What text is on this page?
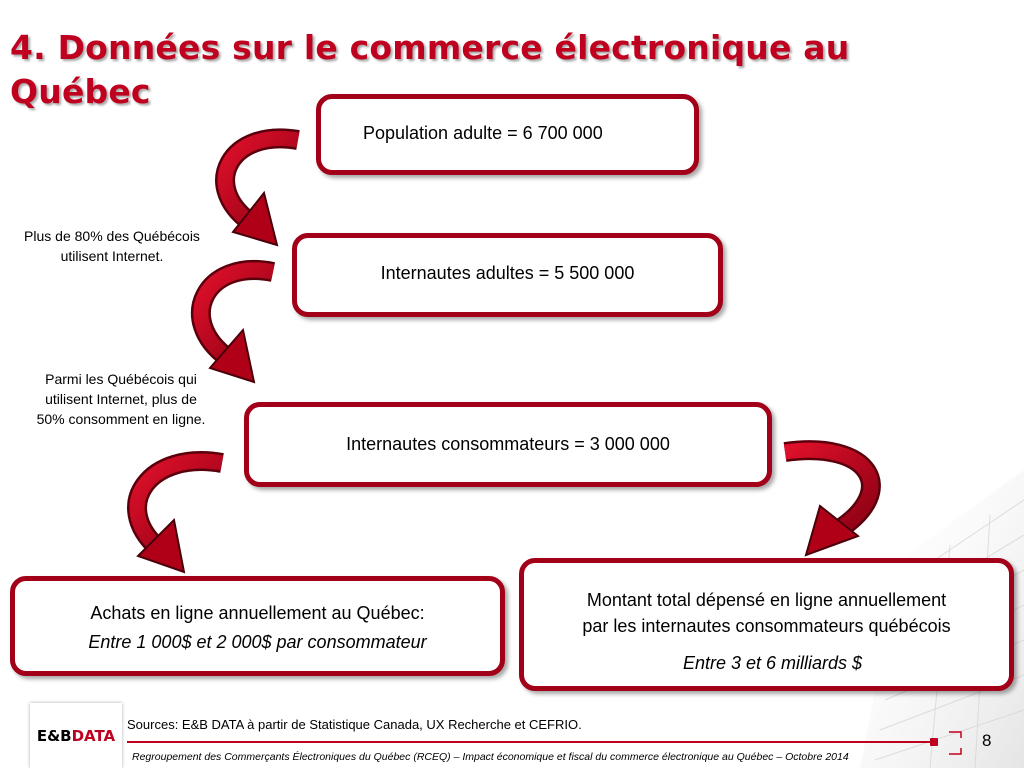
4. Données sur le commerce électronique au Québec
Population adulte = 6 700 000
Internautes adultes = 5 500 000
Internautes consommateurs = 3 000 000
Achats en ligne annuellement au Québec:
Entre 1 000$ et 2 000$ par consommateur
Montant total dépensé en ligne annuellement
par les internautes consommateurs québécois
Entre 3 et 6 milliards $
Plus de 80% des Québécois
utilisent Internet.
Parmi les Québécois qui
utilisent Internet, plus de
50% consomment en ligne.
E&B DATA
Sources: E&B DATA à partir de Statistique Canada, UX Recherche et CEFRIO.
Regroupement des Commerçants Électroniques du Québec (RCEQ) – Impact économique et fiscal du commerce électronique au Québec – Octobre 2014
8
